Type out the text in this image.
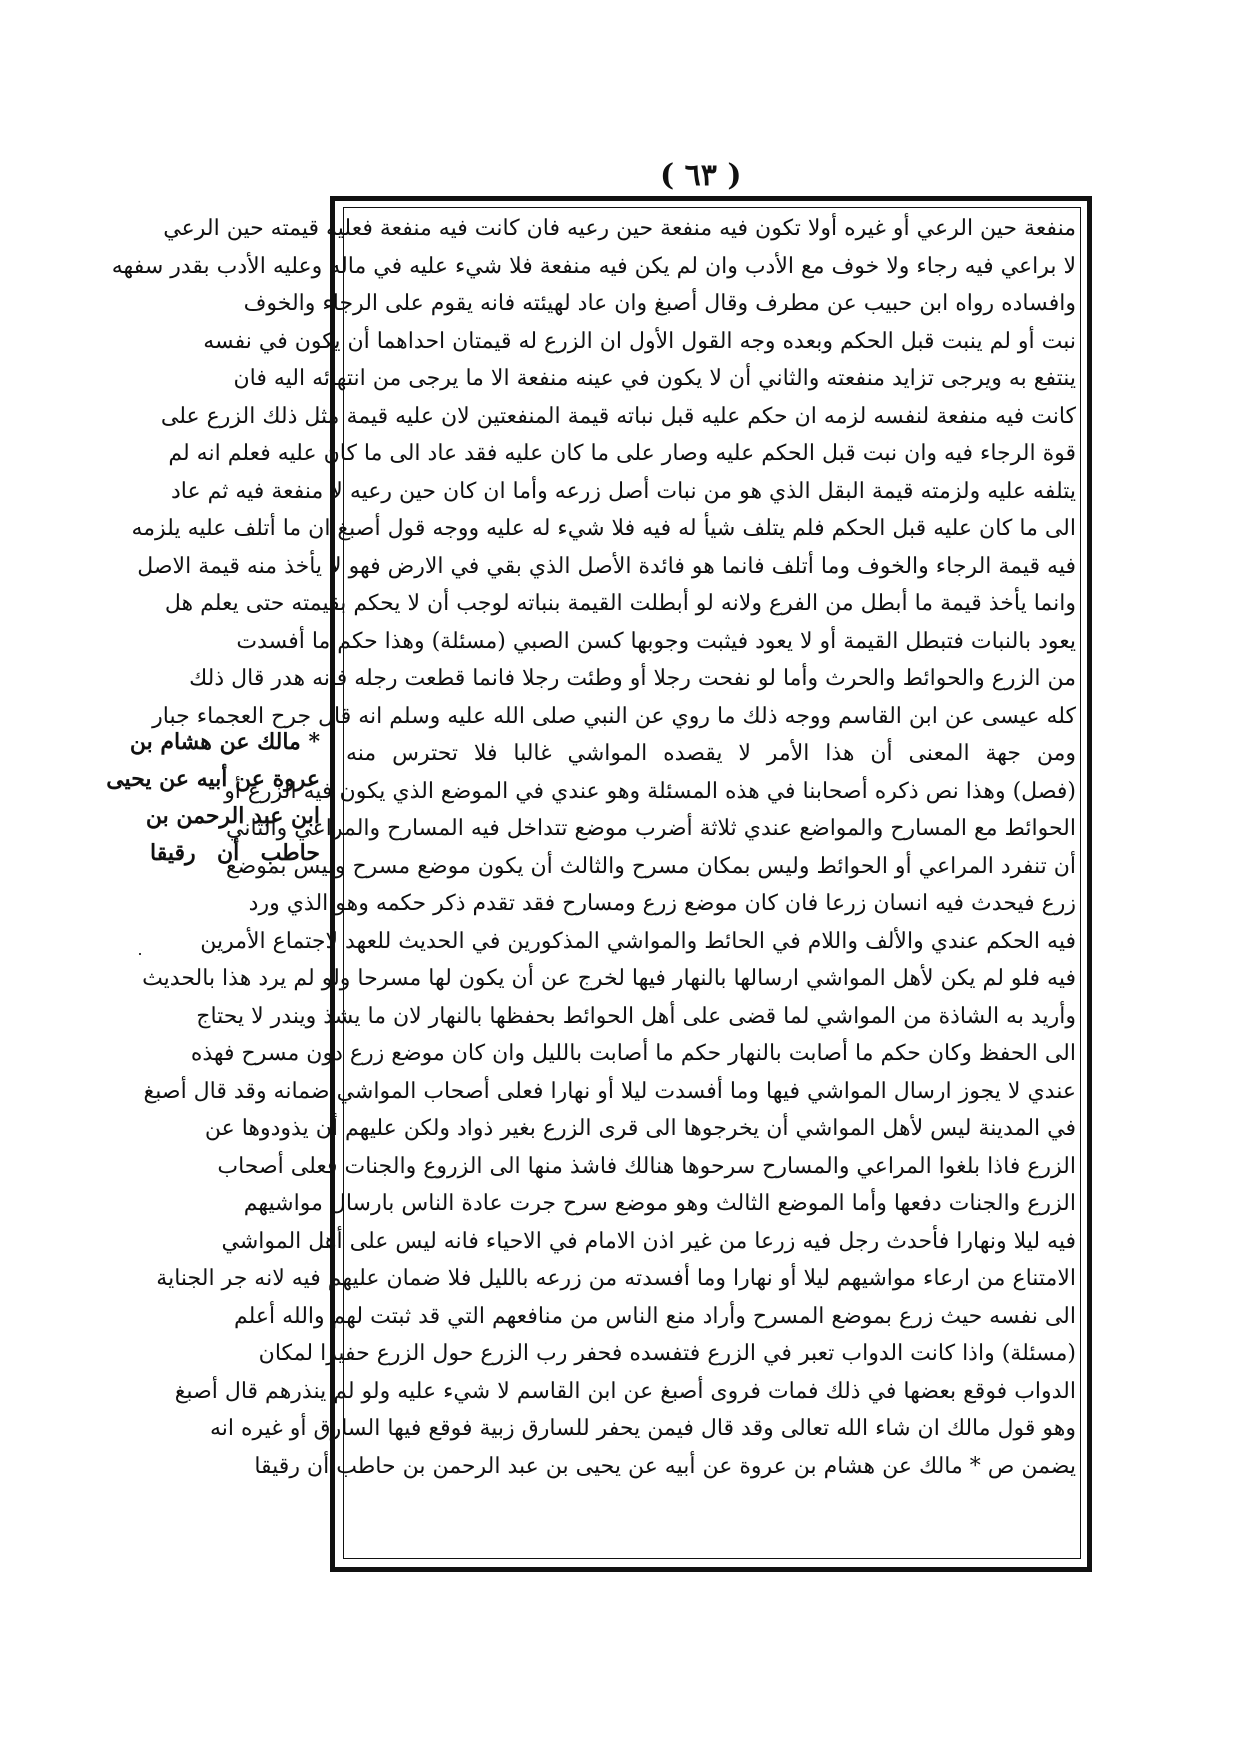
( ٦٣ )
* مالك عن هشام بن
عروة عن أبيه عن يحيى
ابن عبد الرحمن بن
حاطب أن رقيقا
منفعة حين الرعي أو غيره أولا تكون فيه منفعة حين رعيه فان كانت فيه منفعة فعليه قيمته حين الرعي
لا براعي فيه رجاء ولا خوف مع الأدب وان لم يكن فيه منفعة فلا شيء عليه في ماله وعليه الأدب بقدر سفهه
وافساده رواه ابن حبيب عن مطرف وقال أصبغ وان عاد لهيئته فانه يقوم على الرجاء والخوف
نبت أو لم ينبت قبل الحكم وبعده وجه القول الأول ان الزرع له قيمتان احداهما أن يكون في نفسه
ينتفع به ويرجى تزايد منفعته والثاني أن لا يكون في عينه منفعة الا ما يرجى من انتهائه اليه فان
كانت فيه منفعة لنفسه لزمه ان حكم عليه قبل نباته قيمة المنفعتين لان عليه قيمة مثل ذلك الزرع على
قوة الرجاء فيه وان نبت قبل الحكم عليه وصار على ما كان عليه فقد عاد الى ما كان عليه فعلم انه لم
يتلفه عليه ولزمته قيمة البقل الذي هو من نبات أصل زرعه وأما ان كان حين رعيه لا منفعة فيه ثم عاد
الى ما كان عليه قبل الحكم فلم يتلف شيأ له فيه فلا شيء له عليه ووجه قول أصبغ ان ما أتلف عليه يلزمه
فيه قيمة الرجاء والخوف وما أتلف فانما هو فائدة الأصل الذي بقي في الارض فهو لا يأخذ منه قيمة الاصل
وانما يأخذ قيمة ما أبطل من الفرع ولانه لو أبطلت القيمة بنباته لوجب أن لا يحكم بقيمته حتى يعلم هل
يعود بالنبات فتبطل القيمة أو لا يعود فيثبت وجوبها كسن الصبي (مسئلة) وهذا حكم ما أفسدت
من الزرع والحوائط والحرث وأما لو نفحت رجلا أو وطئت رجلا فانما قطعت رجله فانه هدر قال ذلك
كله عيسى عن ابن القاسم ووجه ذلك ما روي عن النبي صلى الله عليه وسلم انه قال جرح العجماء جبار
ومن جهة المعنى أن هذا الأمر لا يقصده المواشي غالبا فلا تحترس منه
(فصل) وهذا نص ذكره أصحابنا في هذه المسئلة وهو عندي في الموضع الذي يكون فيه الزرع أو
الحوائط مع المسارح والمواضع عندي ثلاثة أضرب موضع تتداخل فيه المسارح والمراعي والثاني
أن تنفرد المراعي أو الحوائط وليس بمكان مسرح والثالث أن يكون موضع مسرح وليس بموضع
زرع فيحدث فيه انسان زرعا فان كان موضع زرع ومسارح فقد تقدم ذكر حكمه وهو الذي ورد
فيه الحكم عندي والألف واللام في الحائط والمواشي المذكورين في الحديث للعهد لاجتماع الأمرين
فيه فلو لم يكن لأهل المواشي ارسالها بالنهار فيها لخرج عن أن يكون لها مسرحا ولو لم يرد هذا بالحديث
وأريد به الشاذة من المواشي لما قضى على أهل الحوائط بحفظها بالنهار لان ما يشذ ويندر لا يحتاج
الى الحفظ وكان حكم ما أصابت بالنهار حكم ما أصابت بالليل وان كان موضع زرع دون مسرح فهذه
عندي لا يجوز ارسال المواشي فيها وما أفسدت ليلا أو نهارا فعلى أصحاب المواشي ضمانه وقد قال أصبغ
في المدينة ليس لأهل المواشي أن يخرجوها الى قرى الزرع بغير ذواد ولكن عليهم أن يذودوها عن
الزرع فاذا بلغوا المراعي والمسارح سرحوها هنالك فاشذ منها الى الزروع والجنات فعلى أصحاب
الزرع والجنات دفعها وأما الموضع الثالث وهو موضع سرح جرت عادة الناس بارسال مواشيهم
فيه ليلا ونهارا فأحدث رجل فيه زرعا من غير اذن الامام في الاحياء فانه ليس على أهل المواشي
الامتناع من ارعاء مواشيهم ليلا أو نهارا وما أفسدته من زرعه بالليل فلا ضمان عليهم فيه لانه جر الجناية
الى نفسه حيث زرع بموضع المسرح وأراد منع الناس من منافعهم التي قد ثبتت لهم والله أعلم
(مسئلة) واذا كانت الدواب تعبر في الزرع فتفسده فحفر رب الزرع حول الزرع حفيرا لمكان
الدواب فوقع بعضها في ذلك فمات فروى أصبغ عن ابن القاسم لا شيء عليه ولو لم ينذرهم قال أصبغ
وهو قول مالك ان شاء الله تعالى وقد قال فيمن يحفر للسارق زبية فوقع فيها السارق أو غيره انه
يضمن ص * مالك عن هشام بن عروة عن أبيه عن يحيى بن عبد الرحمن بن حاطب أن رقيقا
